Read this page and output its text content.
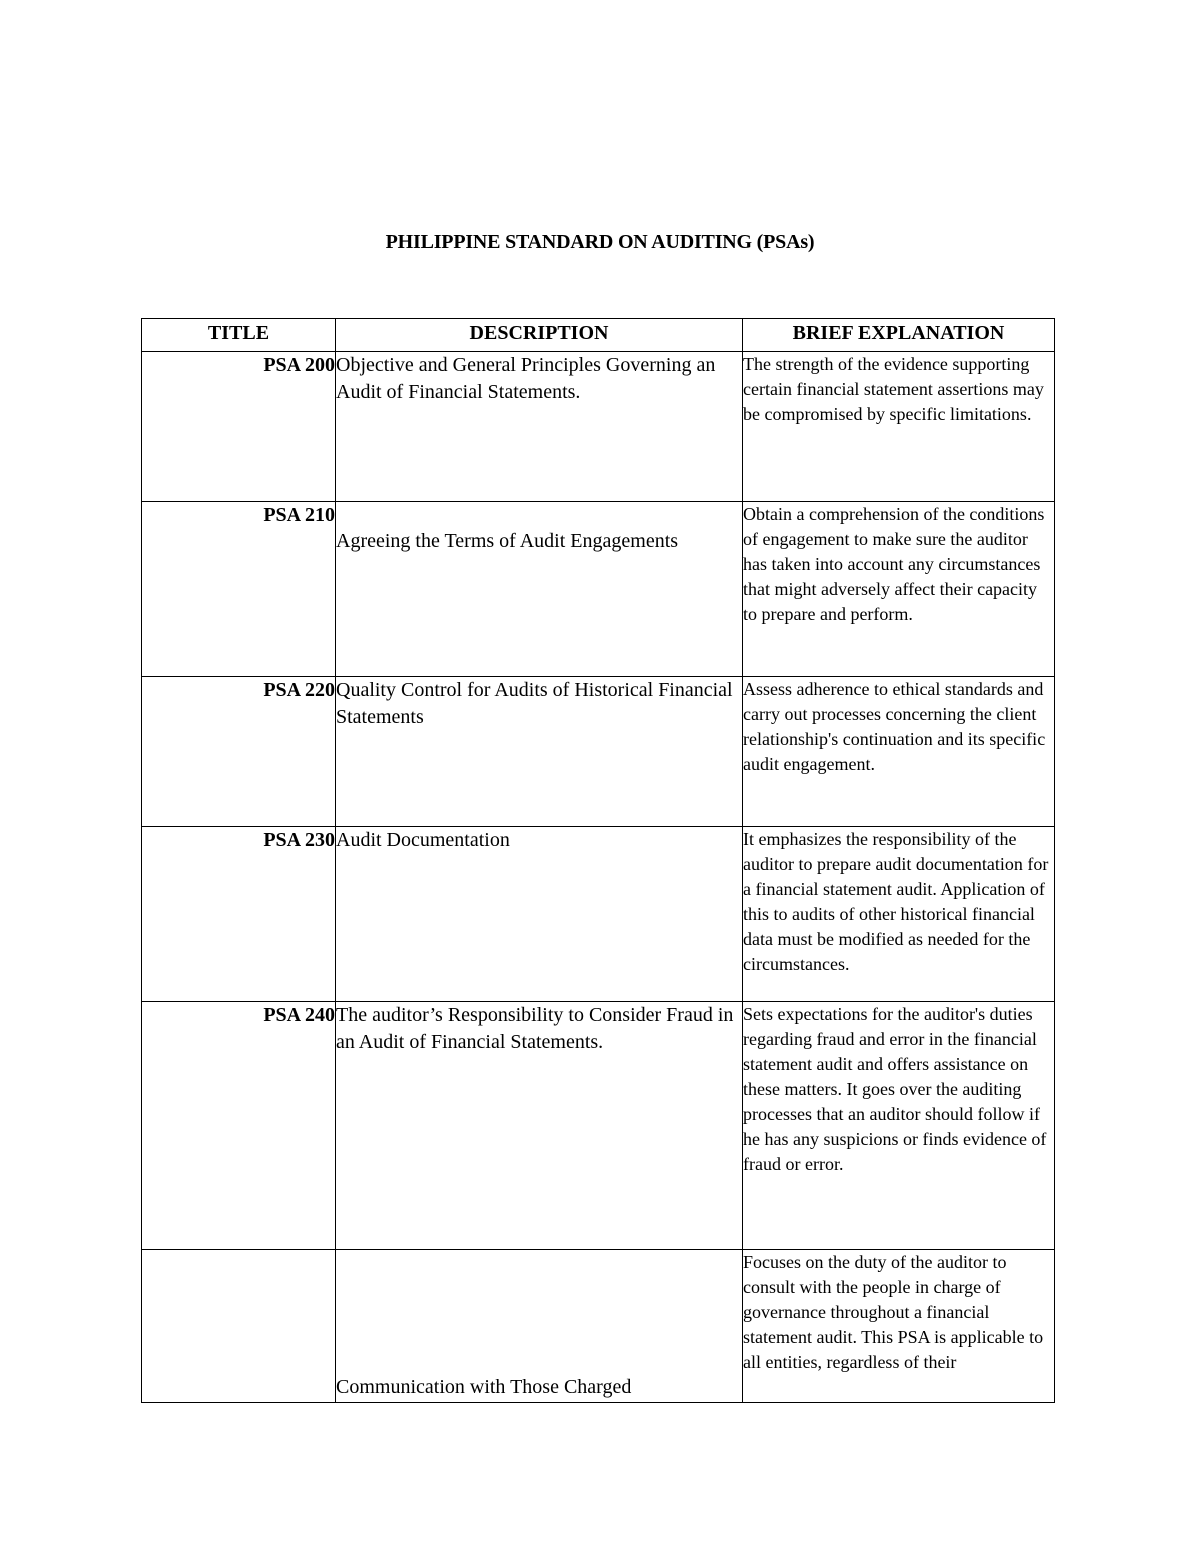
PHILIPPINE STANDARD ON AUDITING (PSAs)
TITLE	DESCRIPTION	BRIEF EXPLANATION
PSA 200	Objective and General Principles Governing an Audit of Financial Statements.	The strength of the evidence supporting certain financial statement assertions may be compromised by specific limitations.

PSA 210	Agreeing the Terms of Audit Engagements	Obtain a comprehension of the conditions of engagement to make sure the auditor has taken into account any circumstances that might adversely affect their capacity to prepare and perform.

PSA 220	Quality Control for Audits of Historical Financial Statements	Assess adherence to ethical standards and carry out processes concerning the client relationship's continuation and its specific audit engagement.

PSA 230	Audit Documentation	It emphasizes the responsibility of the auditor to prepare audit documentation for a financial statement audit. Application of this to audits of other historical financial data must be modified as needed for the circumstances.

PSA 240	The auditor’s Responsibility to Consider Fraud in an Audit of Financial Statements.	Sets expectations for the auditor's duties regarding fraud and error in the financial statement audit and offers assistance on these matters. It goes over the auditing processes that an auditor should follow if he has any suspicions or finds evidence of fraud or error.

	Communication with Those Charged	Focuses on the duty of the auditor to consult with the people in charge of governance throughout a financial statement audit. This PSA is applicable to all entities, regardless of their
